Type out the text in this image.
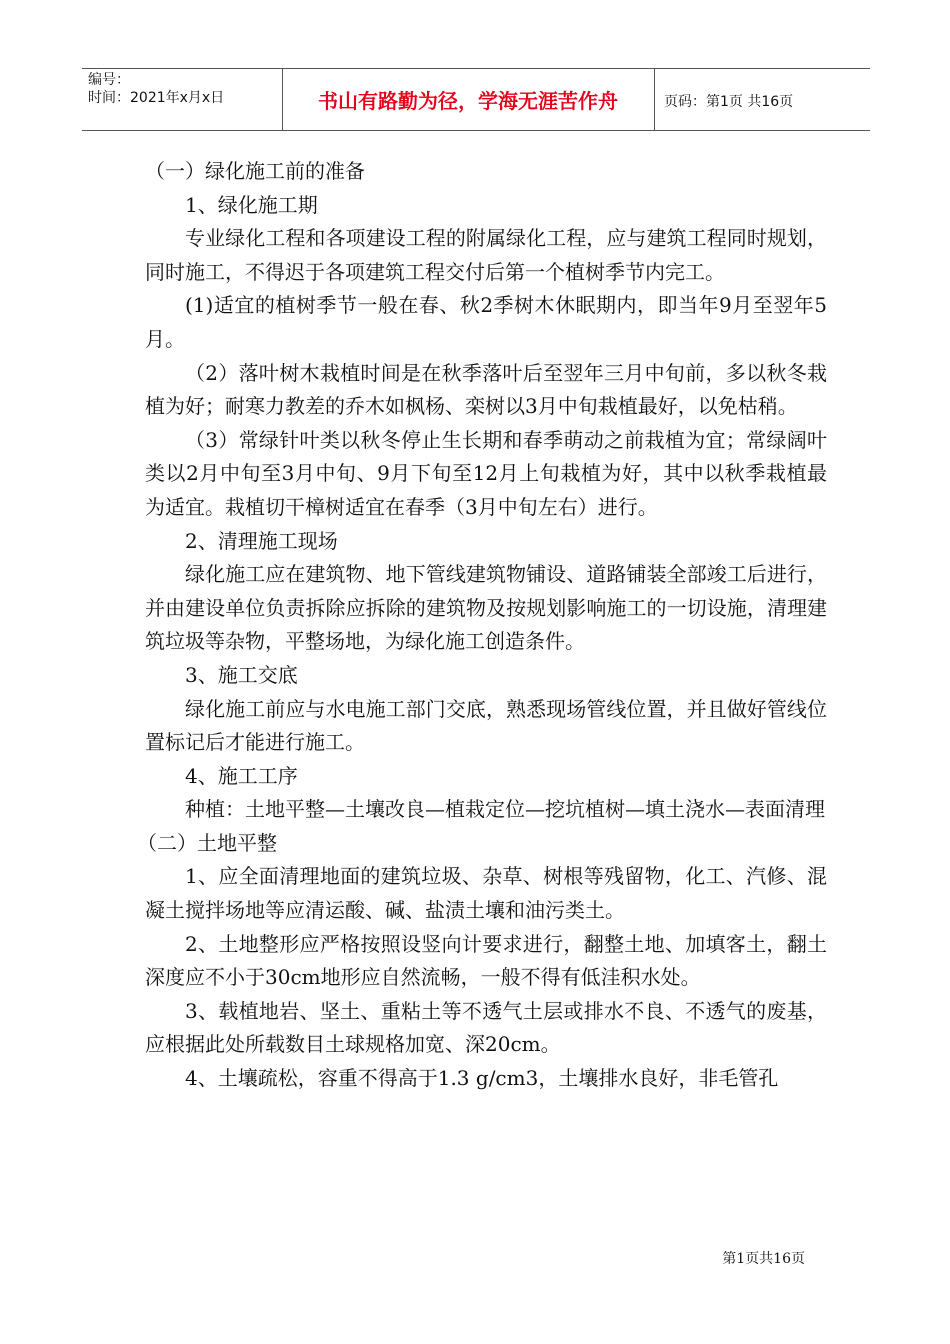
编号：
时间：2021年x月x日	书山有路勤为径，学海无涯苦作舟	页码：第1页 共16页

（一）绿化施工前的准备

1、绿化施工期

专业绿化工程和各项建设工程的附属绿化工程，应与建筑工程同时规划，同时施工，不得迟于各项建筑工程交付后第一个植树季节内完工。

(1)适宜的植树季节一般在春、秋2季树木休眠期内，即当年9月至翌年5月。

（2）落叶树木栽植时间是在秋季落叶后至翌年三月中旬前，多以秋冬栽植为好；耐寒力教差的乔木如枫杨、栾树以3月中旬栽植最好，以免枯稍。

（3）常绿针叶类以秋冬停止生长期和春季萌动之前栽植为宜；常绿阔叶类以2月中旬至3月中旬、9月下旬至12月上旬栽植为好，其中以秋季栽植最为适宜。栽植切干樟树适宜在春季（3月中旬左右）进行。

2、清理施工现场

绿化施工应在建筑物、地下管线建筑物铺设、道路铺装全部竣工后进行，并由建设单位负责拆除应拆除的建筑物及按规划影响施工的一切设施，清理建筑垃圾等杂物，平整场地，为绿化施工创造条件。

3、施工交底

绿化施工前应与水电施工部门交底，熟悉现场管线位置，并且做好管线位置标记后才能进行施工。

4、施工工序

种植：土地平整—土壤改良—植栽定位—挖坑植树—填土浇水—表面清理

（二）土地平整

1、应全面清理地面的建筑垃圾、杂草、树根等残留物，化工、汽修、混凝土搅拌场地等应清运酸、碱、盐渍土壤和油污类土。

2、土地整形应严格按照设竖向计要求进行，翻整土地、加填客土，翻土深度应不小于30cm地形应自然流畅，一般不得有低洼积水处。

3、载植地岩、坚土、重粘土等不透气土层或排水不良、不透气的废基，应根据此处所载数目土球规格加宽、深20cm。

4、土壤疏松，容重不得高于1.3 g/cm3，土壤排水良好，非毛管孔

第1页共16页
